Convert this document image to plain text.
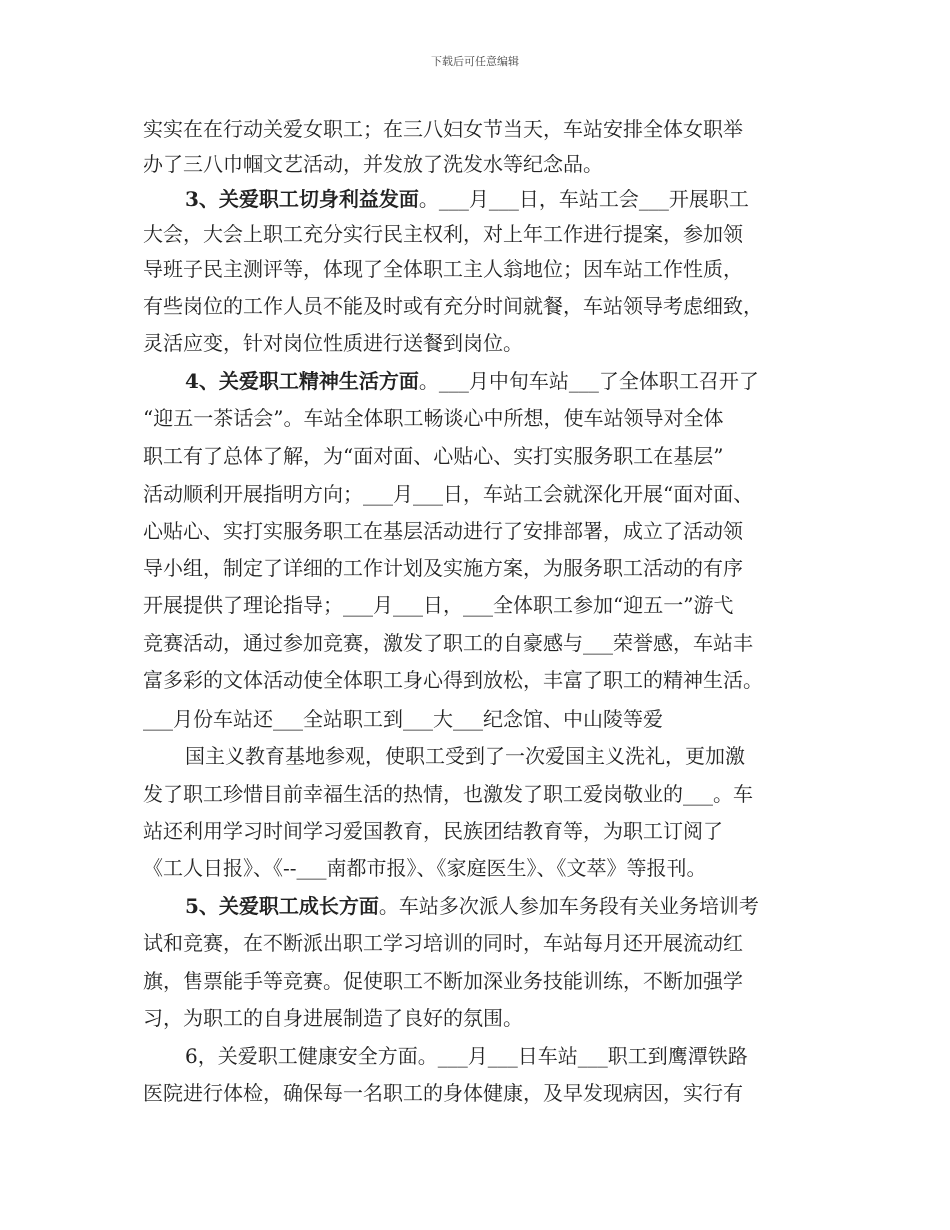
下载后可任意编辑
实实在在行动关爱女职工；在三八妇女节当天，车站安排全体女职举
办了三八巾帼文艺活动，并发放了洗发水等纪念品。
3、关爱职工切身利益发面。___月___日，车站工会___开展职工
大会，大会上职工充分实行民主权利，对上年工作进行提案，参加领
导班子民主测评等，体现了全体职工主人翁地位；因车站工作性质，
有些岗位的工作人员不能及时或有充分时间就餐，车站领导考虑细致，
灵活应变，针对岗位性质进行送餐到岗位。
4、关爱职工精神生活方面。___月中旬车站___了全体职工召开了
“迎五一茶话会”。车站全体职工畅谈心中所想，使车站领导对全体
职工有了总体了解，为“面对面、心贴心、实打实服务职工在基层”
活动顺利开展指明方向；___月___日，车站工会就深化开展“面对面、
心贴心、实打实服务职工在基层活动进行了安排部署，成立了活动领
导小组，制定了详细的工作计划及实施方案，为服务职工活动的有序
开展提供了理论指导；___月___日，___全体职工参加“迎五一”游弋
竞赛活动，通过参加竞赛，激发了职工的自豪感与___荣誉感，车站丰
富多彩的文体活动使全体职工身心得到放松，丰富了职工的精神生活。
___月份车站还___全站职工到___大___纪念馆、中山陵等爱
国主义教育基地参观，使职工受到了一次爱国主义洗礼，更加激
发了职工珍惜目前幸福生活的热情，也激发了职工爱岗敬业的___。车
站还利用学习时间学习爱国教育，民族团结教育等，为职工订阅了
《工人日报》、《--___南都市报》、《家庭医生》、《文萃》等报刊。
5、关爱职工成长方面。车站多次派人参加车务段有关业务培训考
试和竞赛，在不断派出职工学习培训的同时，车站每月还开展流动红
旗，售票能手等竞赛。促使职工不断加深业务技能训练，不断加强学
习，为职工的自身进展制造了良好的氛围。
6，关爱职工健康安全方面。___月___日车站___职工到鹰潭铁路
医院进行体检，确保每一名职工的身体健康，及早发现病因，实行有
